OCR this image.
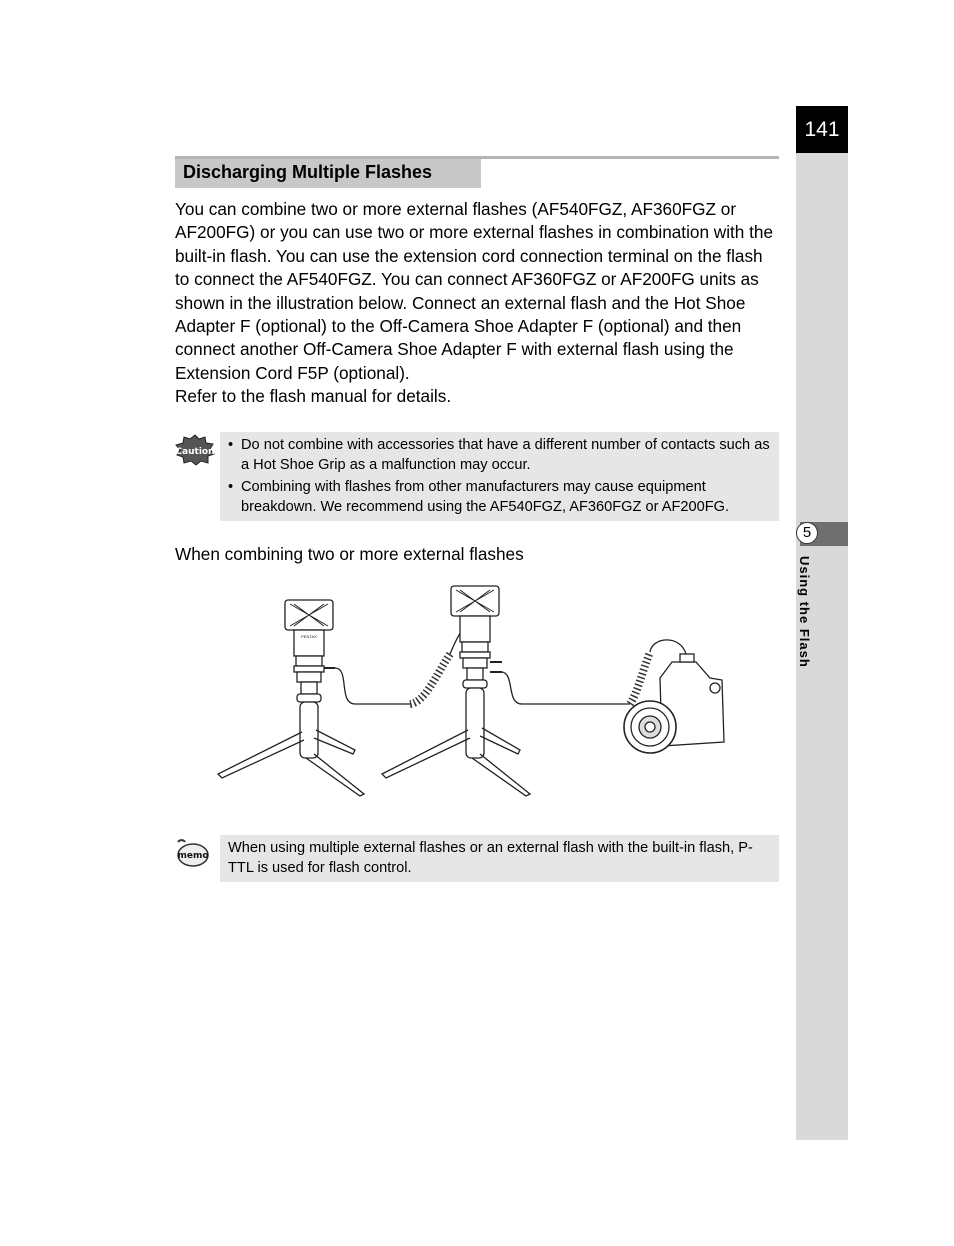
141
5
Using the Flash
Discharging Multiple Flashes

You can combine two or more external flashes (AF540FGZ, AF360FGZ or AF200FG) or you can use two or more external flashes in combination with the built-in flash. You can use the extension cord connection terminal on the flash to connect the AF540FGZ. You can connect AF360FGZ or AF200FG units as shown in the illustration below. Connect an external flash and the Hot Shoe Adapter F (optional) to the Off-Camera Shoe Adapter F (optional) and then connect another Off-Camera Shoe Adapter F with external flash using the Extension Cord F5P (optional).

Refer to the flash manual for details.

Caution • Do not combine with accessories that have a different number of contacts such as a Hot Shoe Grip as a malfunction may occur.
• Combining with flashes from other manufacturers may cause equipment breakdown. We recommend using the AF540FGZ, AF360FGZ or AF200FG.
When combining two or more external flashes
PENTAX
memo	When using multiple external flashes or an external flash with the built-in flash, P-TTL is used for flash control.
